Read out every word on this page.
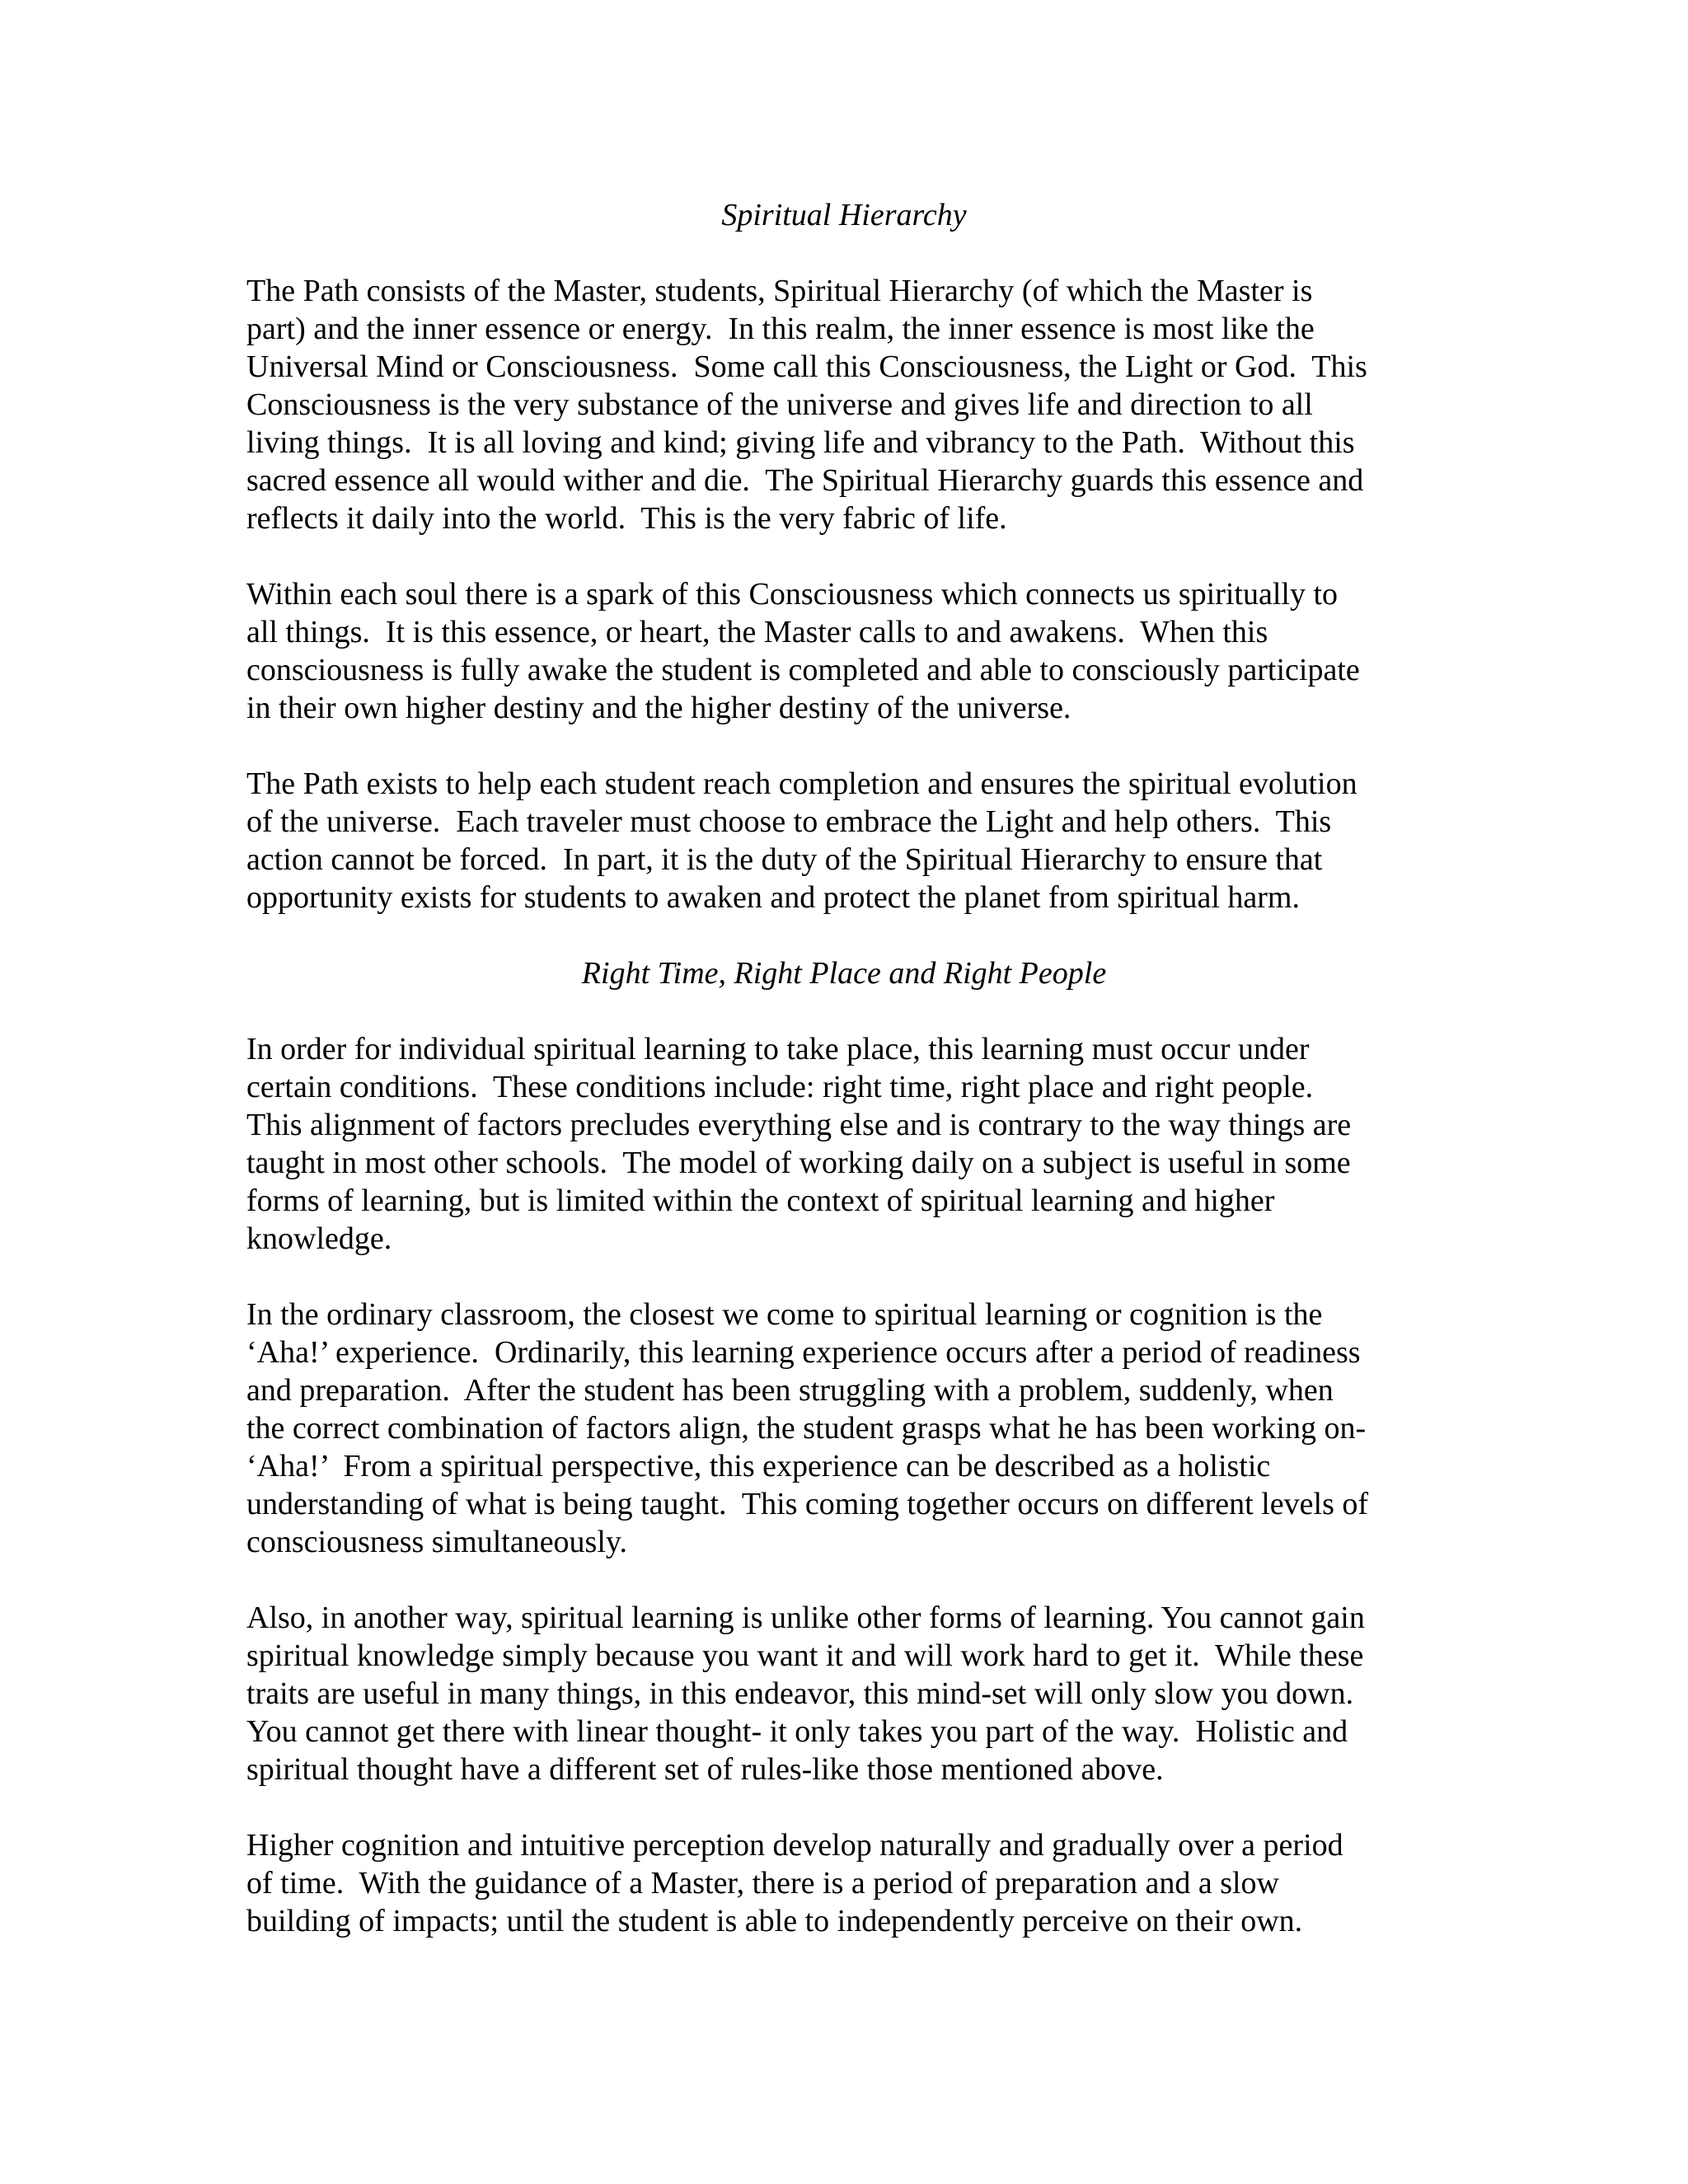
Spiritual Hierarchy
The Path consists of the Master, students, Spiritual Hierarchy (of which the Master is
part) and the inner essence or energy.  In this realm, the inner essence is most like the
Universal Mind or Consciousness.  Some call this Consciousness, the Light or God.  This
Consciousness is the very substance of the universe and gives life and direction to all
living things.  It is all loving and kind; giving life and vibrancy to the Path.  Without this
sacred essence all would wither and die.  The Spiritual Hierarchy guards this essence and
reflects it daily into the world.  This is the very fabric of life.
Within each soul there is a spark of this Consciousness which connects us spiritually to
all things.  It is this essence, or heart, the Master calls to and awakens.  When this
consciousness is fully awake the student is completed and able to consciously participate
in their own higher destiny and the higher destiny of the universe.
The Path exists to help each student reach completion and ensures the spiritual evolution
of the universe.  Each traveler must choose to embrace the Light and help others.  This
action cannot be forced.  In part, it is the duty of the Spiritual Hierarchy to ensure that
opportunity exists for students to awaken and protect the planet from spiritual harm.
Right Time, Right Place and Right People
In order for individual spiritual learning to take place, this learning must occur under
certain conditions.  These conditions include: right time, right place and right people.
This alignment of factors precludes everything else and is contrary to the way things are
taught in most other schools.  The model of working daily on a subject is useful in some
forms of learning, but is limited within the context of spiritual learning and higher
knowledge.
In the ordinary classroom, the closest we come to spiritual learning or cognition is the
‘Aha!’ experience.  Ordinarily, this learning experience occurs after a period of readiness
and preparation.  After the student has been struggling with a problem, suddenly, when
the correct combination of factors align, the student grasps what he has been working on-
‘Aha!’  From a spiritual perspective, this experience can be described as a holistic
understanding of what is being taught.  This coming together occurs on different levels of
consciousness simultaneously.
Also, in another way, spiritual learning is unlike other forms of learning. You cannot gain
spiritual knowledge simply because you want it and will work hard to get it.  While these
traits are useful in many things, in this endeavor, this mind-set will only slow you down.
You cannot get there with linear thought- it only takes you part of the way.  Holistic and
spiritual thought have a different set of rules-like those mentioned above.
Higher cognition and intuitive perception develop naturally and gradually over a period
of time.  With the guidance of a Master, there is a period of preparation and a slow
building of impacts; until the student is able to independently perceive on their own.
